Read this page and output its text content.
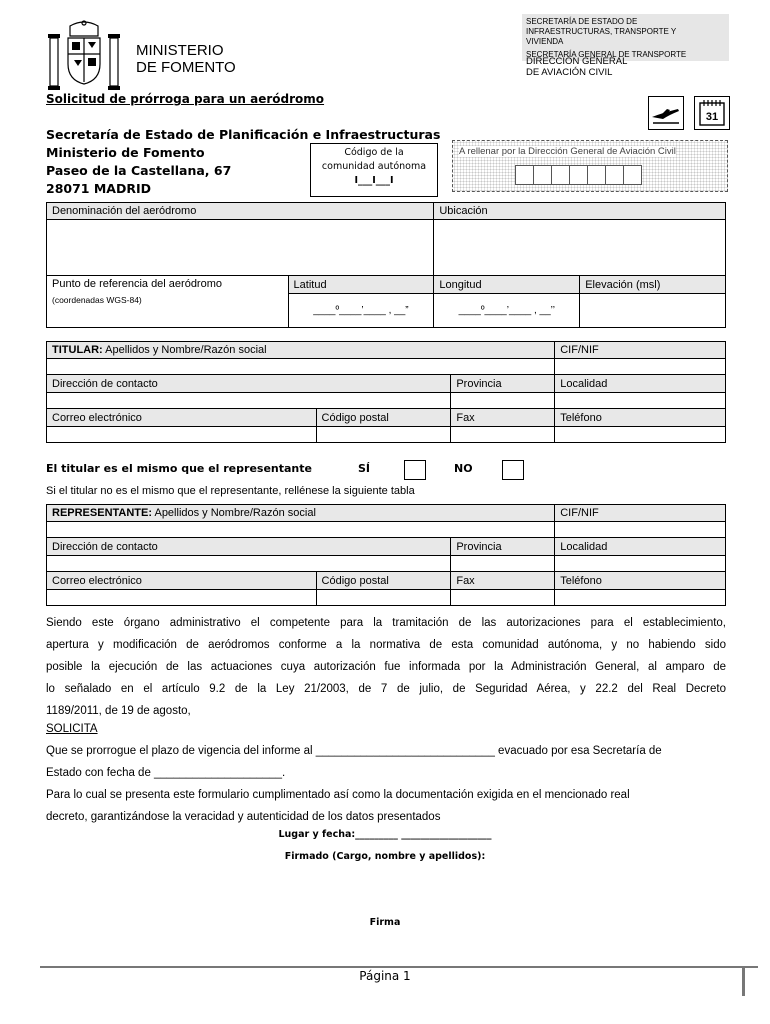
MINISTERIO
DE FOMENTO
SECRETARÍA DE ESTADO DE
INFRAESTRUCTURAS, TRANSPORTE Y
VIVIENDA
SECRETARÍA GENERAL DE TRANSPORTE
DIRECCIÓN GENERAL
DE AVIACIÓN CIVIL
31
Solicitud de prórroga para un aeródromo
Secretaría de Estado de Planificación e Infraestructuras
Ministerio de Fomento
Paseo de la Castellana, 67
28071 MADRID
Código de la
comunidad autónoma
I___I___I
A rellenar por la Dirección General de Aviación Civil
Denominación del aeródromo		Ubicación	

Punto de referencia del aeródromo
(coordenadas WGS-84)	Latitud	Longitud	Elevación (msl)
	____º____’____ , __”	____º____’____ , __’’	
TITULAR: Apellidos y Nombre/Razón social			CIF/NIF

Dirección de contacto		Provincia	Localidad

Correo electrónico	Código postal	Fax	Teléfono

El titular es el mismo que el representante	SÍ	NO
Si el titular no es el mismo que el representante, rellénese la siguiente tabla
REPRESENTANTE: Apellidos y Nombre/Razón social			CIF/NIF

Dirección de contacto		Provincia	Localidad

Correo electrónico	Código postal	Fax	Teléfono

Siendo este órgano administrativo el competente para la tramitación de las autorizaciones para el establecimiento,
apertura y modificación de aeródromos conforme a la normativa de esta comunidad autónoma, y no habiendo sido
posible la ejecución de las actuaciones cuya autorización fue informada por la Administración General, al amparo de
lo señalado en el artículo 9.2 de la Ley 21/2003, de 7 de julio, de Seguridad Aérea, y 22.2 del Real Decreto
1189/2011, de 19 de agosto,
SOLICITA
Que se prorrogue el plazo de vigencia del informe al ____________________________ evacuado por esa Secretaría de
Estado con fecha de ____________________.
Para lo cual se presenta este formulario cumplimentado así como la documentación exigida en el mencionado real
decreto, garantizándose la veracidad y autenticidad de los datos presentados
Lugar y fecha:_________ ___________________
Firmado (Cargo, nombre y apellidos):
Firma
Página 1
